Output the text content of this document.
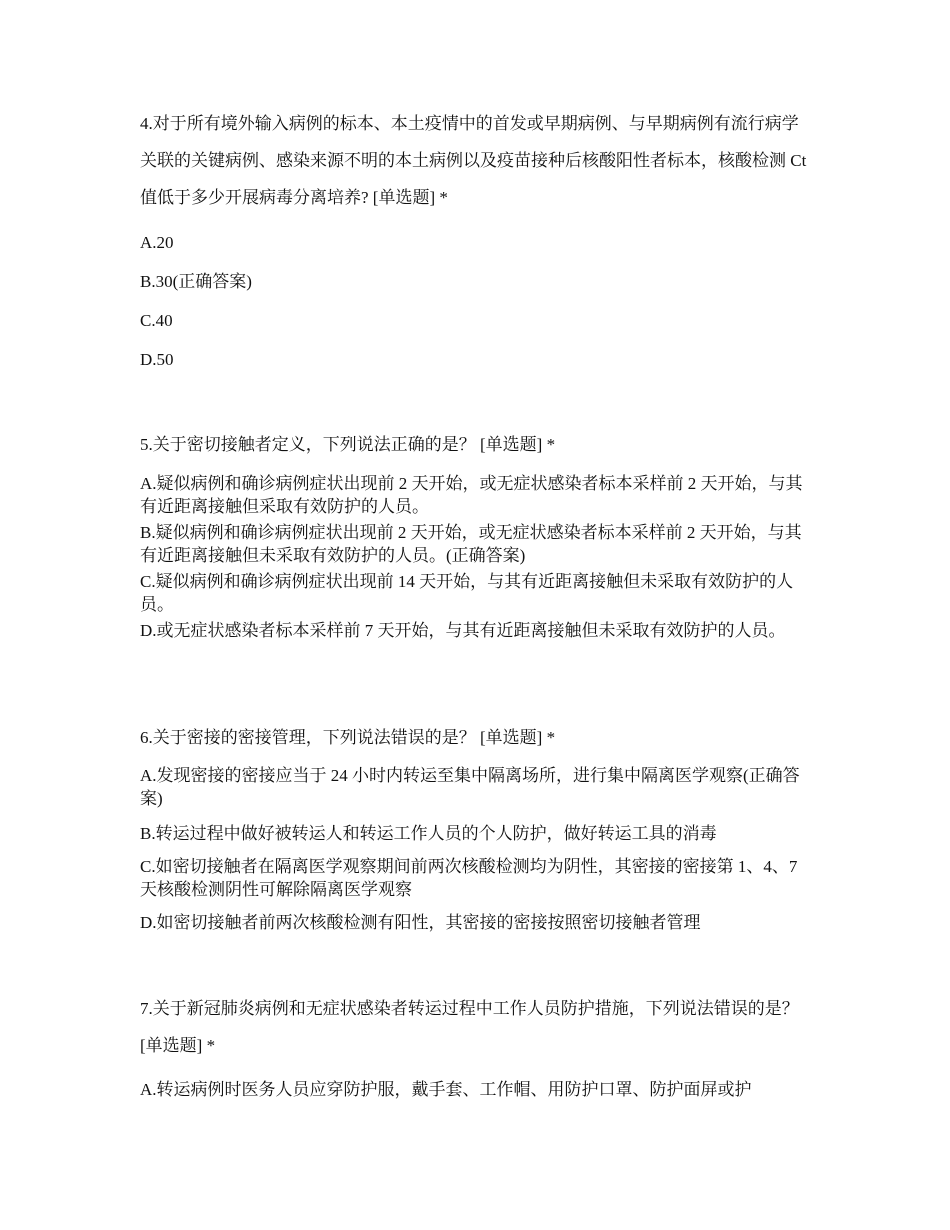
4.对于所有境外输入病例的标本、本土疫情中的首发或早期病例、与早期病例有流行病学关联的关键病例、感染来源不明的本土病例以及疫苗接种后核酸阳性者标本，核酸检测 Ct 值低于多少开展病毒分离培养? [单选题] *

A.20

B.30(正确答案)

C.40

D.50

5.关于密切接触者定义，下列说法正确的是？ [单选题] *

A.疑似病例和确诊病例症状出现前 2 天开始，或无症状感染者标本采样前 2 天开始，与其有近距离接触但采取有效防护的人员。

B.疑似病例和确诊病例症状出现前 2 天开始，或无症状感染者标本采样前 2 天开始，与其有近距离接触但未采取有效防护的人员。(正确答案)

C.疑似病例和确诊病例症状出现前 14 天开始，与其有近距离接触但未采取有效防护的人员。

D.或无症状感染者标本采样前 7 天开始，与其有近距离接触但未采取有效防护的人员。

6.关于密接的密接管理，下列说法错误的是？ [单选题] *

A.发现密接的密接应当于 24 小时内转运至集中隔离场所，进行集中隔离医学观察(正确答案)

B.转运过程中做好被转运人和转运工作人员的个人防护，做好转运工具的消毒

C.如密切接触者在隔离医学观察期间前两次核酸检测均为阴性，其密接的密接第 1、4、7 天核酸检测阴性可解除隔离医学观察

D.如密切接触者前两次核酸检测有阳性，其密接的密接按照密切接触者管理

7.关于新冠肺炎病例和无症状感染者转运过程中工作人员防护措施，下列说法错误的是？ [单选题] *

A.转运病例时医务人员应穿防护服，戴手套、工作帽、用防护口罩、防护面屏或护
